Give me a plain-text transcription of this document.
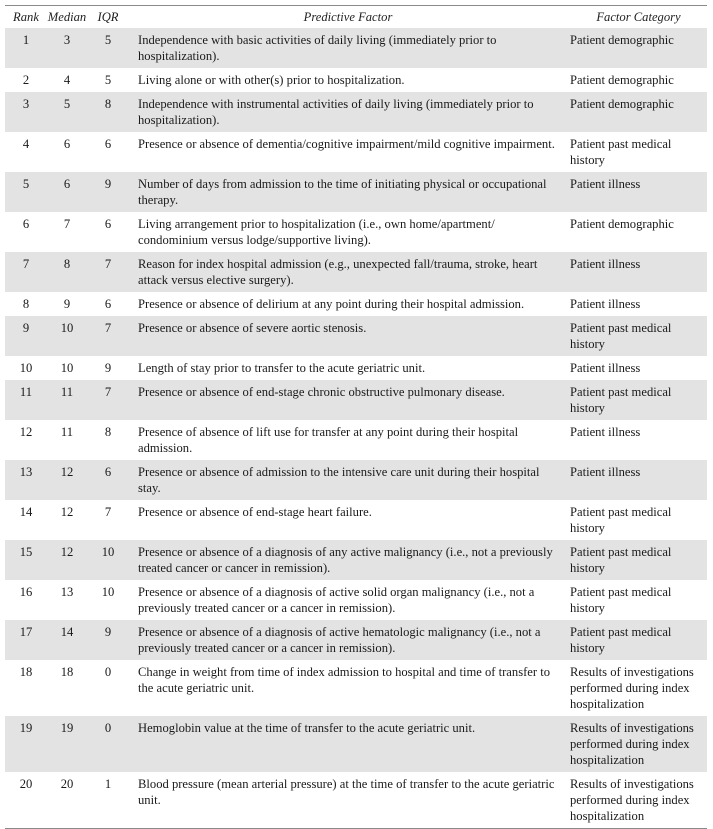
Rank	Median	IQR	Predictive Factor	Factor Category
1	3	5	Independence with basic activities of daily living (immediately prior to hospitalization).	Patient demographic
2	4	5	Living alone or with other(s) prior to hospitalization.	Patient demographic
3	5	8	Independence with instrumental activities of daily living (immediately prior to hospitalization).	Patient demographic
4	6	6	Presence or absence of dementia/cognitive impairment/mild cognitive impairment.	Patient past medical history
5	6	9	Number of days from admission to the time of initiating physical or occupational therapy.	Patient illness
6	7	6	Living arrangement prior to hospitalization (i.e., own home/apartment/ condominium versus lodge/supportive living).	Patient demographic
7	8	7	Reason for index hospital admission (e.g., unexpected fall/trauma, stroke, heart attack versus elective surgery).	Patient illness
8	9	6	Presence or absence of delirium at any point during their hospital admission.	Patient illness
9	10	7	Presence or absence of severe aortic stenosis.	Patient past medical history
10	10	9	Length of stay prior to transfer to the acute geriatric unit.	Patient illness
11	11	7	Presence or absence of end-stage chronic obstructive pulmonary disease.	Patient past medical history
12	11	8	Presence of absence of lift use for transfer at any point during their hospital admission.	Patient illness
13	12	6	Presence or absence of admission to the intensive care unit during their hospital stay.	Patient illness
14	12	7	Presence or absence of end-stage heart failure.	Patient past medical history
15	12	10	Presence or absence of a diagnosis of any active malignancy (i.e., not a previously treated cancer or cancer in remission).	Patient past medical history
16	13	10	Presence or absence of a diagnosis of active solid organ malignancy (i.e., not a previously treated cancer or a cancer in remission).	Patient past medical history
17	14	9	Presence or absence of a diagnosis of active hematologic malignancy (i.e., not a previously treated cancer or a cancer in remission).	Patient past medical history
18	18	0	Change in weight from time of index admission to hospital and time of transfer to the acute geriatric unit.	Results of investigations performed during index hospitalization
19	19	0	Hemoglobin value at the time of transfer to the acute geriatric unit.	Results of investigations performed during index hospitalization
20	20	1	Blood pressure (mean arterial pressure) at the time of transfer to the acute geriatric unit.	Results of investigations performed during index hospitalization
